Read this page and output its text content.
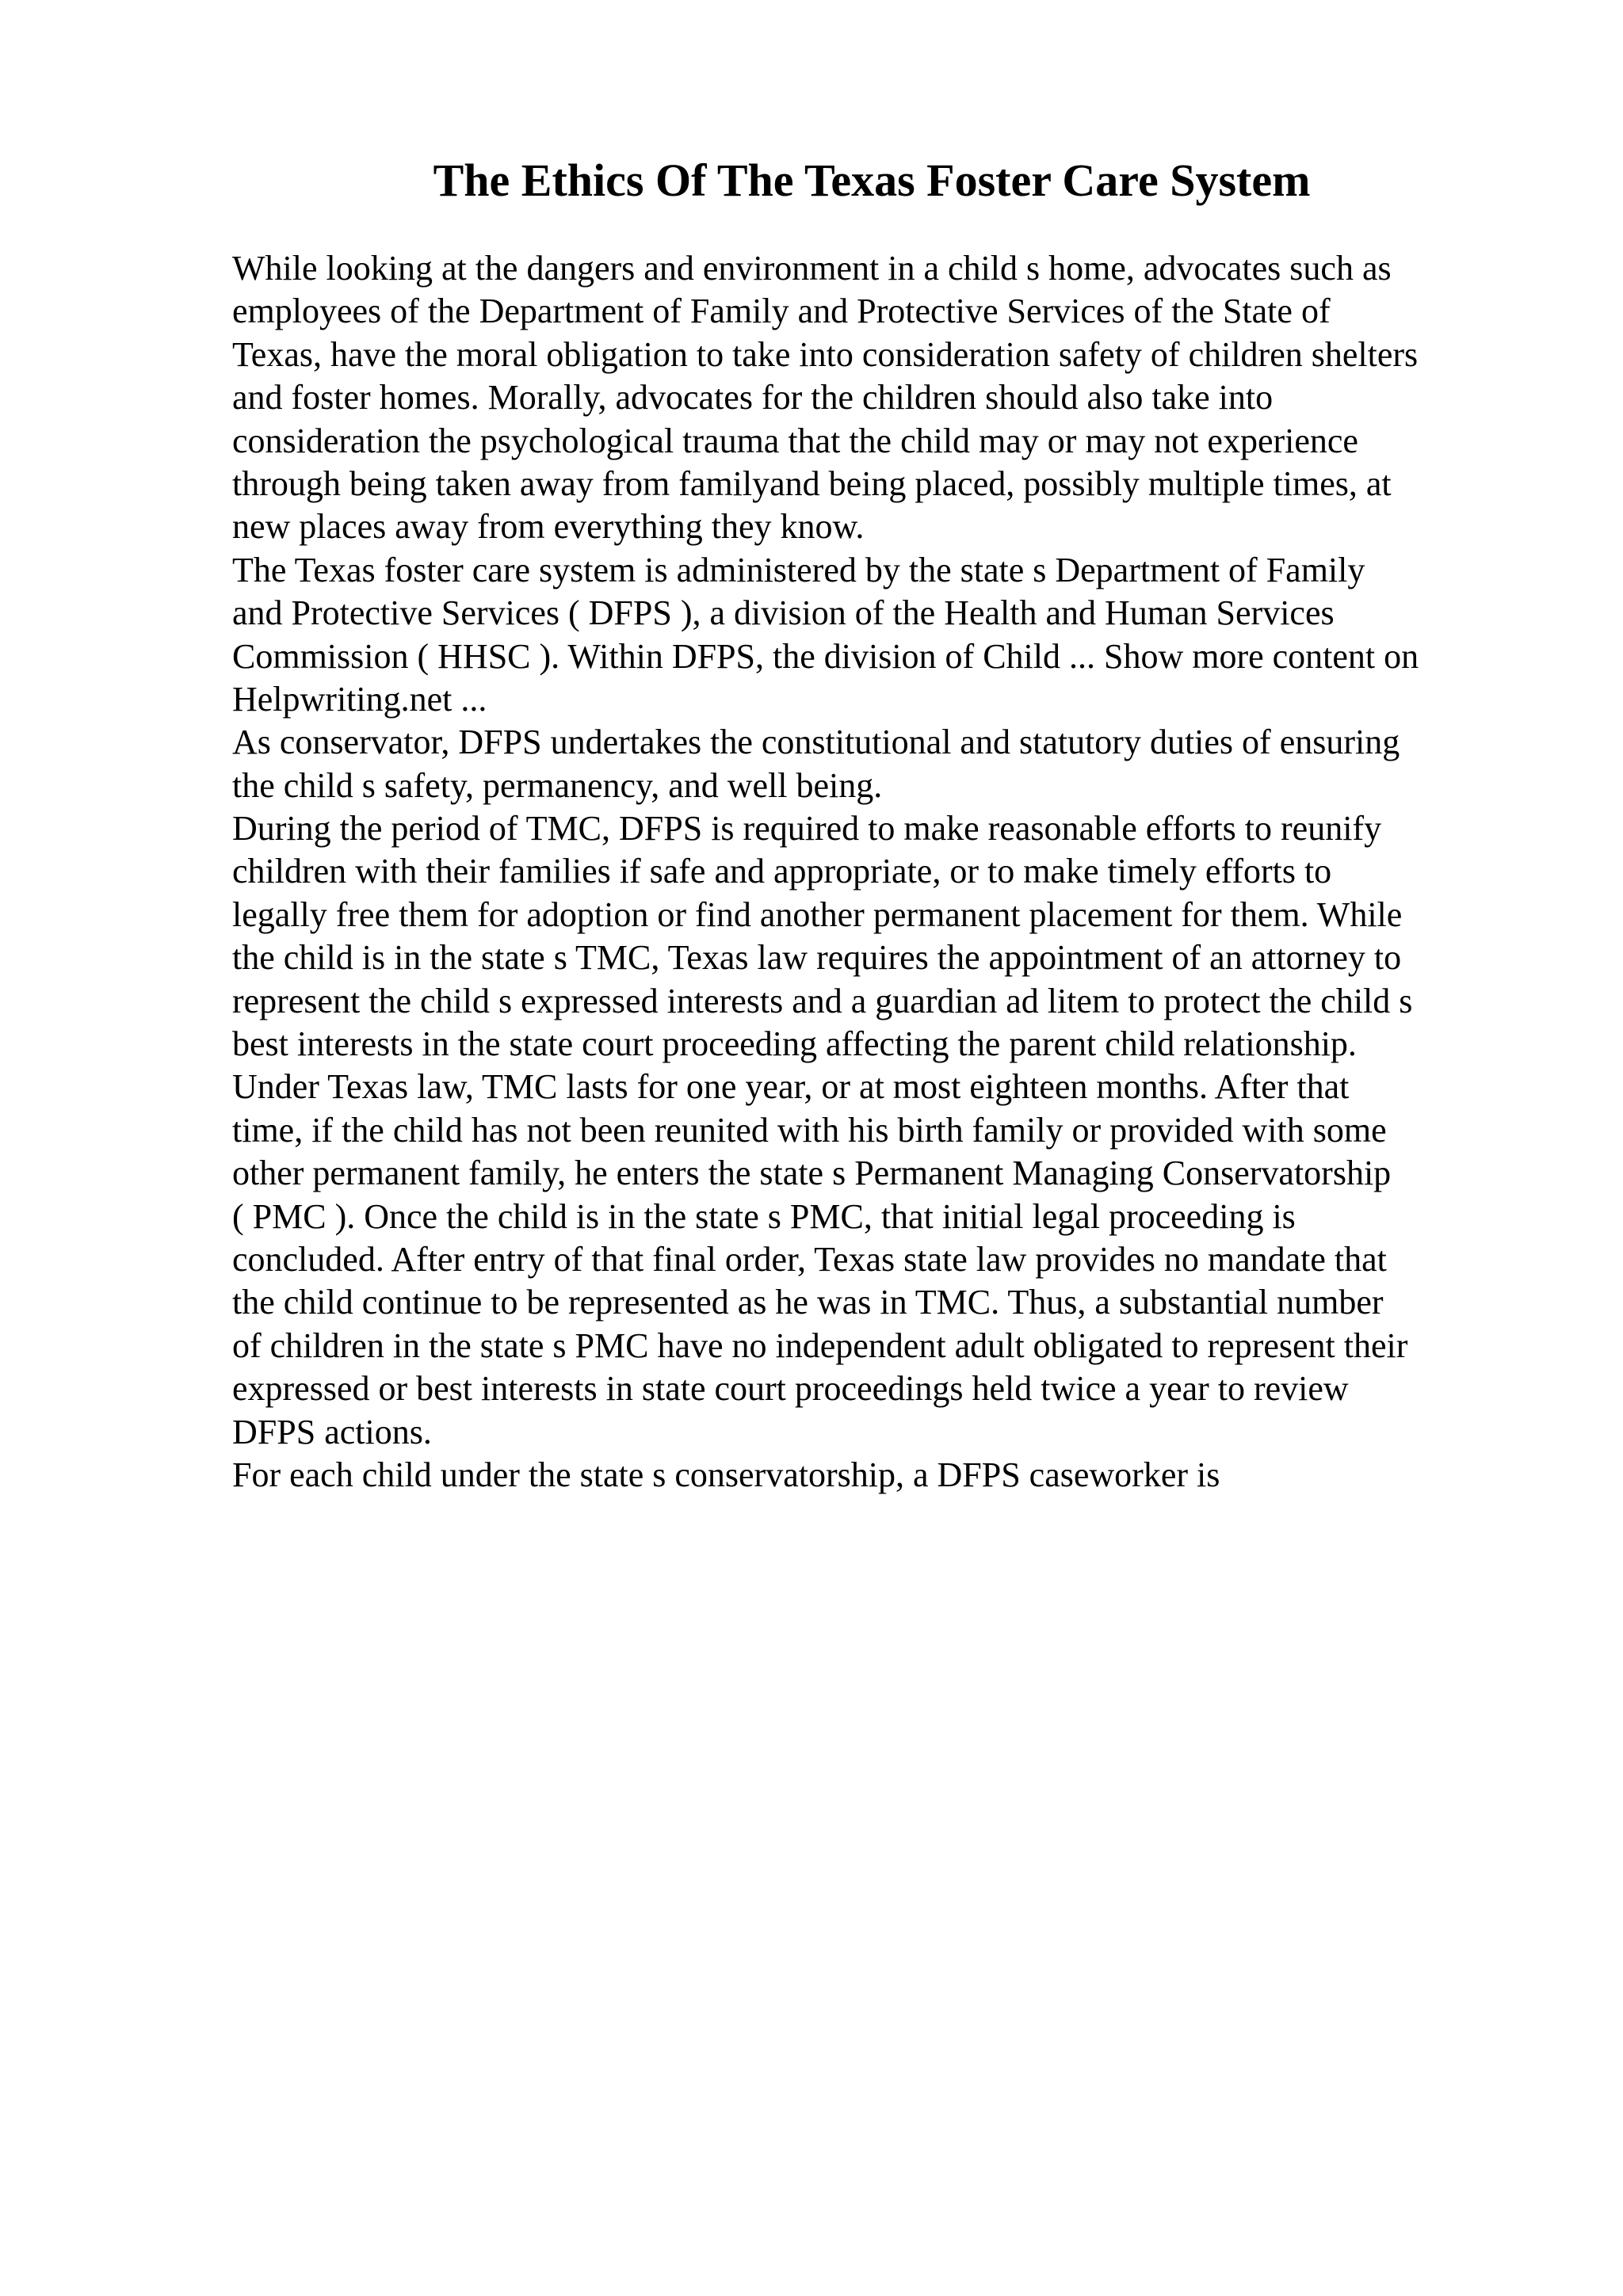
The Ethics Of The Texas Foster Care System
While looking at the dangers and environment in a child s home, advocates such as
employees of the Department of Family and Protective Services of the State of
Texas, have the moral obligation to take into consideration safety of children shelters
and foster homes. Morally, advocates for the children should also take into
consideration the psychological trauma that the child may or may not experience
through being taken away from familyand being placed, possibly multiple times, at
new places away from everything they know.
The Texas foster care system is administered by the state s Department of Family
and Protective Services ( DFPS ), a division of the Health and Human Services
Commission ( HHSC ). Within DFPS, the division of Child ... Show more content on
Helpwriting.net ...
As conservator, DFPS undertakes the constitutional and statutory duties of ensuring
the child s safety, permanency, and well being.
During the period of TMC, DFPS is required to make reasonable efforts to reunify
children with their families if safe and appropriate, or to make timely efforts to
legally free them for adoption or find another permanent placement for them. While
the child is in the state s TMC, Texas law requires the appointment of an attorney to
represent the child s expressed interests and a guardian ad litem to protect the child s
best interests in the state court proceeding affecting the parent child relationship.
Under Texas law, TMC lasts for one year, or at most eighteen months. After that
time, if the child has not been reunited with his birth family or provided with some
other permanent family, he enters the state s Permanent Managing Conservatorship
( PMC ). Once the child is in the state s PMC, that initial legal proceeding is
concluded. After entry of that final order, Texas state law provides no mandate that
the child continue to be represented as he was in TMC. Thus, a substantial number
of children in the state s PMC have no independent adult obligated to represent their
expressed or best interests in state court proceedings held twice a year to review
DFPS actions.
For each child under the state s conservatorship, a DFPS caseworker is
